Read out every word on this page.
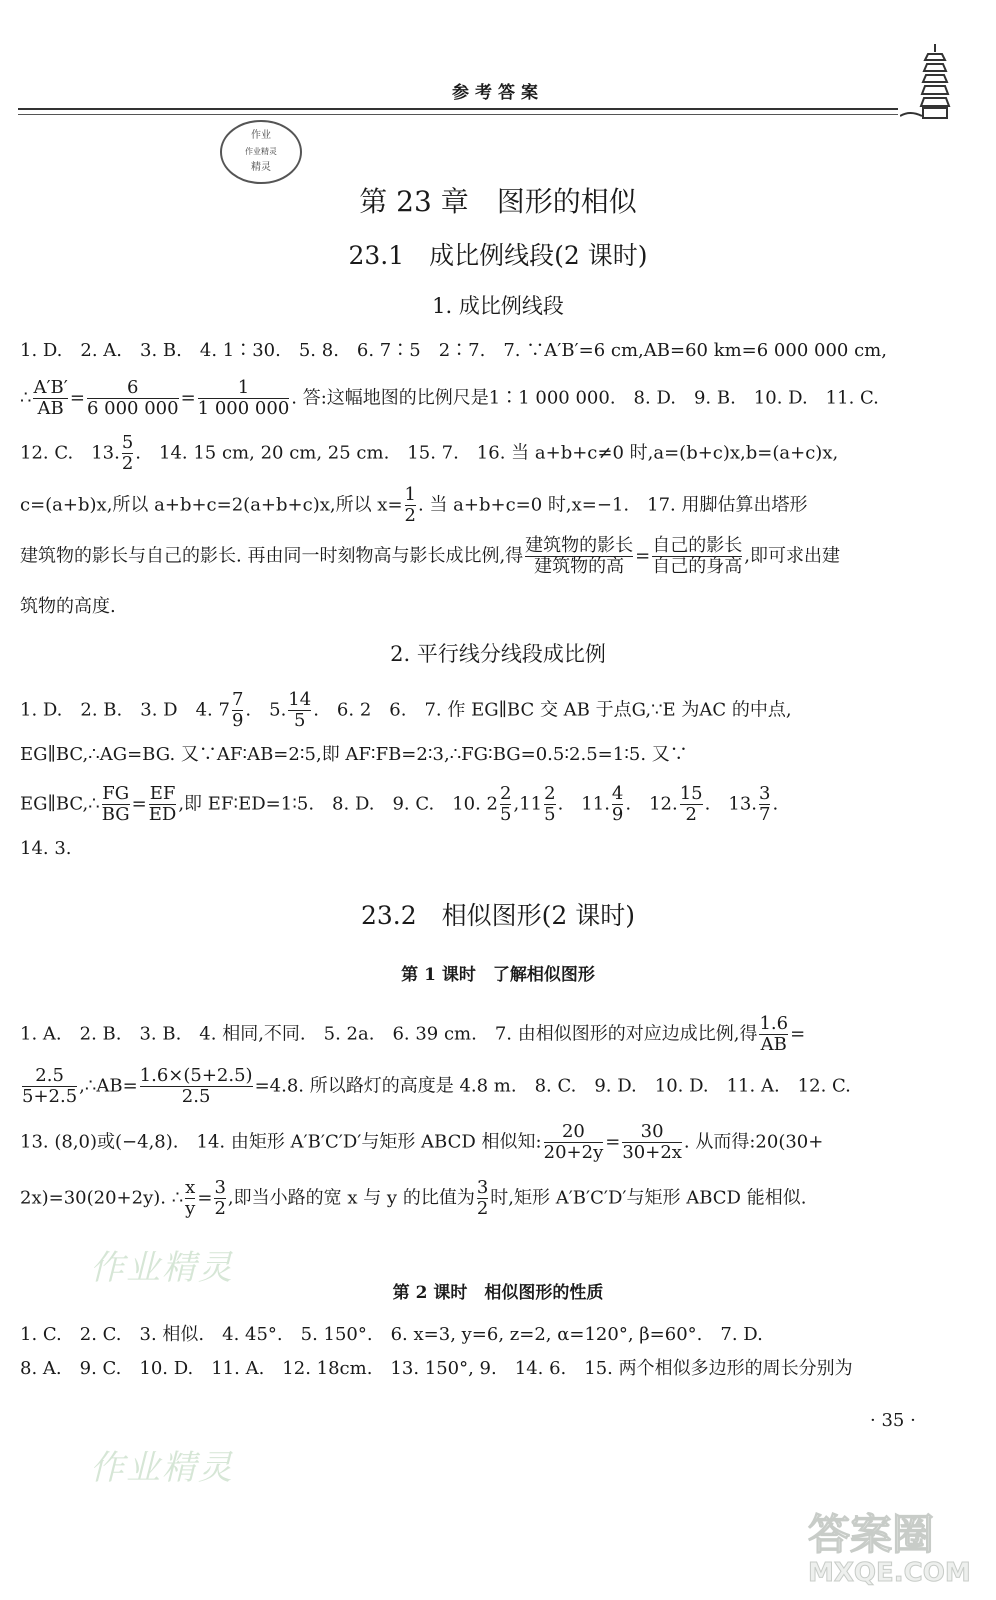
参考答案
作业
作业精灵
精灵
第 23 章　图形的相似
23.1　成比例线段(2 课时)
1. 成比例线段
1. D.　2. A.　3. B.　4. 1∶30.　5. 8.　6. 7∶5　2∶7.　7. ∵A′B′=6 cm,AB=60 km=6 000 000 cm,
∴ $\frac{A'B'}{AB} = \frac{6}{6 000 000} = \frac{1}{1 000 000}$ . 答:这幅地图的比例尺是1∶1 000 000.　8. D.　9. B.　10. D.　11. C.
12. C.　13. $\frac{5}{2}$ .　14. 15 cm, 20 cm, 25 cm.　15. 7.　16. 当 a+b+c≠0 时,a=(b+c)x,b=(a+c)x,
c=(a+b)x,所以 a+b+c=2(a+b+c)x,所以 $x= \frac{1}{2}$ . 当 a+b+c=0 时,x=−1.　17. 用脚估算出塔形
建筑物的影长与自己的影长. 再由同一时刻物高与影长成比例,得 $\frac{\text{建筑物的影长}}{\text{建筑物的高}} = \frac{\text{自己的影长}}{\text{自己的身高}}$ ,即可求出建
筑物的高度.
2. 平行线分线段成比例
1. D.　2. B.　3. D　4. $7 \frac{7}{9}$ .　5. $\frac{14}{5}$ .　6. 2　6.　7. 作 EG∥BC 交 AB 于点G,∵E 为AC 的中点,
EG∥BC,∴AG=BG. 又∵AF∶AB=2∶5,即 AF∶FB=2∶3,∴FG∶BG=0.5∶2.5=1∶5. 又∵
EG∥BC,∴ $\frac{FG}{BG} = \frac{EF}{ED}$ ,即 EF∶ED=1∶5.　8. D.　9. C.　10. $2 \frac{2}{5} ,11 \frac{2}{5}$ .　11. $\frac{4}{9}$ .　12. $\frac{15}{2}$ .　13. $\frac{3}{7}$ .
14. 3.
23.2　相似图形(2 课时)
第 1 课时　了解相似图形
1. A.　2. B.　3. B.　4. 相同,不同.　5. 2a.　6. 39 cm.　7. 由相似图形的对应边成比例,得 $\frac{1.6}{AB}$ =
$\frac{2.5}{5+2.5}$ ,∴AB= $\frac{1.6\times(5+2.5)}{2.5} =4.8$. 所以路灯的高度是 4.8 m.　8. C.　9. D.　10. D.　11. A.　12. C.
13. (8,0)或(−4,8).　14. 由矩形 A′B′C′D′与矩形 ABCD 相似知: $\frac{20}{20+2y} = \frac{30}{30+2x}$ . 从而得:20(30+
2x)=30(20+2y). ∴ $\frac{x}{y} = \frac{3}{2}$ ,即当小路的宽 x 与 y 的比值为 $\frac{3}{2}$ 时,矩形 A′B′C′D′与矩形 ABCD 能相似.
作业精灵
第 2 课时　相似图形的性质
1. C.　2. C.　3. 相似.　4. 45°.　5. 150°.　6. x=3, y=6, z=2, α=120°, β=60°.　7. D.
8. A.　9. C.　10. D.　11. A.　12. 18cm.　13. 150°, 9.　14. 6.　15. 两个相似多边形的周长分别为
· 35 ·
作业精灵
答案圈
MXQE.COM
